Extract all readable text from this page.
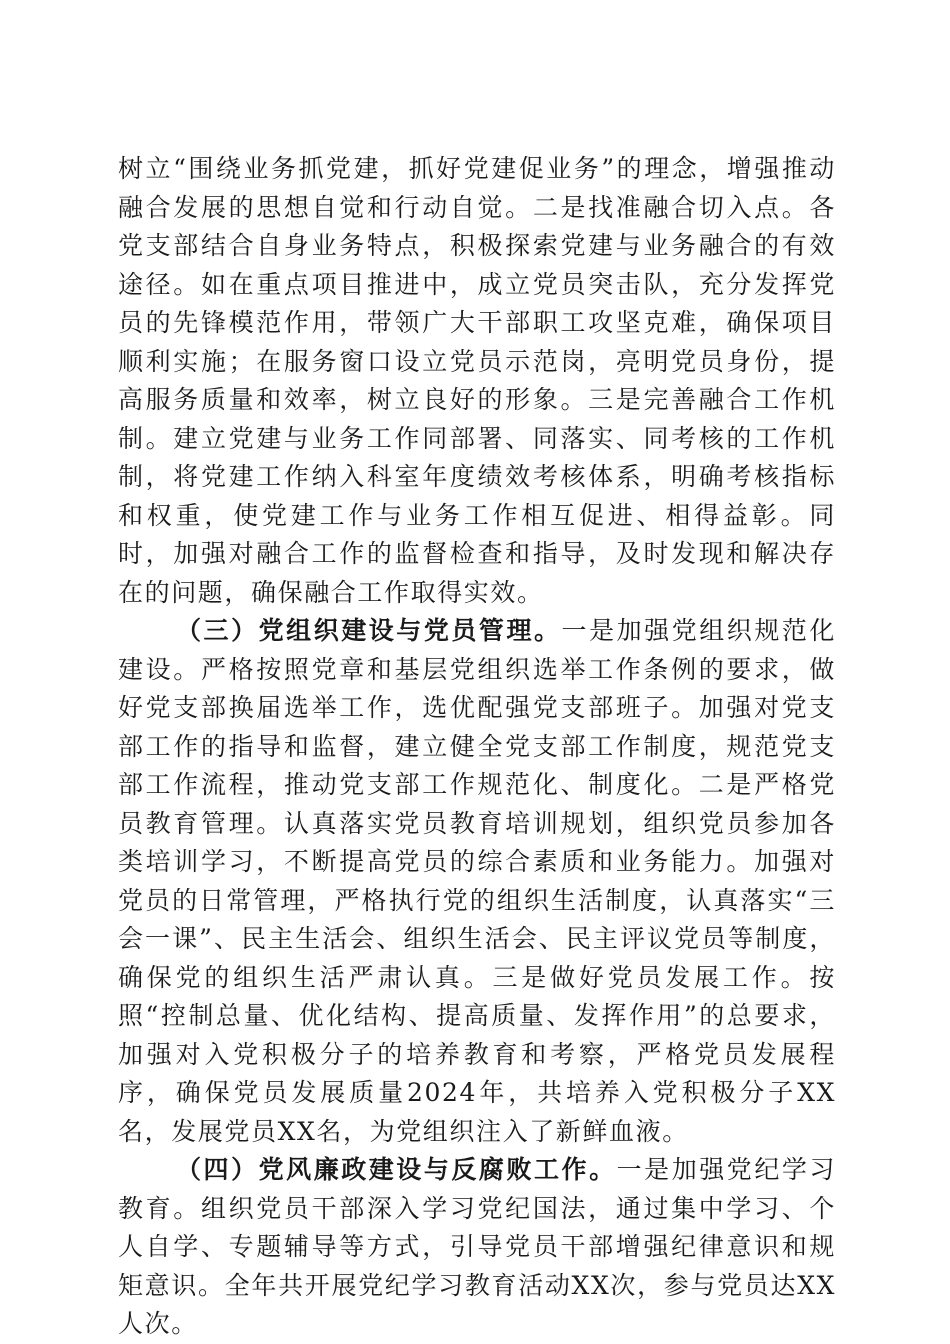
树立“围绕业务抓党建，抓好党建促业务”的理念，增强推动融合发展的思想自觉和行动自觉。二是找准融合切入点。各党支部结合自身业务特点，积极探索党建与业务融合的有效途径。如在重点项目推进中，成立党员突击队，充分发挥党员的先锋模范作用，带领广大干部职工攻坚克难，确保项目顺利实施；在服务窗口设立党员示范岗，亮明党员身份，提高服务质量和效率，树立良好的形象。三是完善融合工作机制。建立党建与业务工作同部署、同落实、同考核的工作机制，将党建工作纳入科室年度绩效考核体系，明确考核指标和权重，使党建工作与业务工作相互促进、相得益彰。同时，加强对融合工作的监督检查和指导，及时发现和解决存在的问题，确保融合工作取得实效。

（三）党组织建设与党员管理。一是加强党组织规范化建设。严格按照党章和基层党组织选举工作条例的要求，做好党支部换届选举工作，选优配强党支部班子。加强对党支部工作的指导和监督，建立健全党支部工作制度，规范党支部工作流程，推动党支部工作规范化、制度化。二是严格党员教育管理。认真落实党员教育培训规划，组织党员参加各类培训学习，不断提高党员的综合素质和业务能力。加强对党员的日常管理，严格执行党的组织生活制度，认真落实“三会一课”、民主生活会、组织生活会、民主评议党员等制度，确保党的组织生活严肃认真。三是做好党员发展工作。按照“控制总量、优化结构、提高质量、发挥作用”的总要求，加强对入党积极分子的培养教育和考察，严格党员发展程序，确保党员发展质量2024年，共培养入党积极分子XX名，发展党员XX名，为党组织注入了新鲜血液。

（四）党风廉政建设与反腐败工作。一是加强党纪学习教育。组织党员干部深入学习党纪国法，通过集中学习、个人自学、专题辅导等方式，引导党员干部增强纪律意识和规矩意识。全年共开展党纪学习教育活动XX次，参与党员达XX人次。
